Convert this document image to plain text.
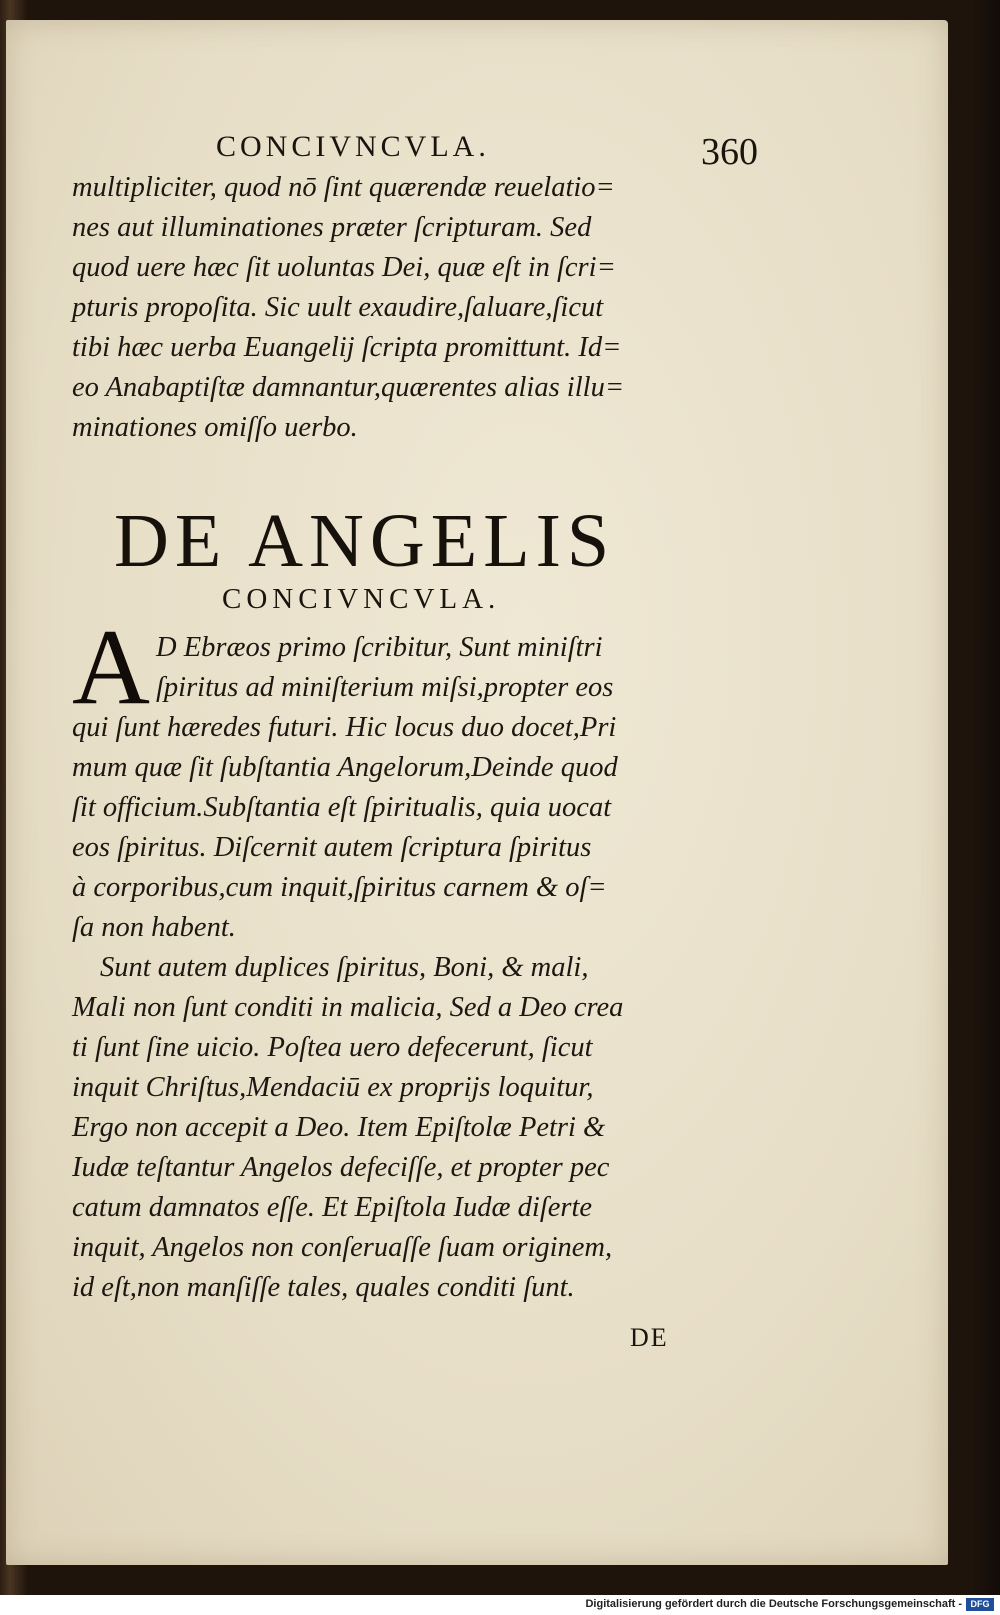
CONCIVNCVLA.	360
multipliciter, quod nō ſint quærendæ reuelatio=
nes aut illuminationes præter ſcripturam. Sed
quod uere hæc ſit uoluntas Dei, quæ eſt in ſcri=
pturis propoſita. Sic uult exaudire,ſaluare,ſicut
tibi hæc uerba Euangelij ſcripta promittunt. Id=
eo Anabaptiſtæ damnantur,quærentes alias illu=
minationes omiſſo uerbo.
DE ANGELIS
CONCIVNCVLA.
A D Ebræos primo ſcribitur, Sunt miniſtri
ſpiritus ad miniſterium miſsi,propter eos
qui ſunt hæredes futuri. Hic locus duo docet,Pri
mum quæ ſit ſubſtantia Angelorum,Deinde quod
ſit officium.Subſtantia eſt ſpiritualis, quia uocat
eos ſpiritus. Diſcernit autem ſcriptura ſpiritus
à corporibus,cum inquit,ſpiritus carnem & oſ=
ſa non habent.
Sunt autem duplices ſpiritus, Boni, & mali,
Mali non ſunt conditi in malicia, Sed a Deo crea
ti ſunt ſine uicio. Poſtea uero defecerunt, ſicut
inquit Chriſtus,Mendaciū ex proprijs loquitur,
Ergo non accepit a Deo. Item Epiſtolæ Petri &
Iudæ teſtantur Angelos defeciſſe, et propter pec
catum damnatos eſſe. Et Epiſtola Iudæ diſerte
inquit, Angelos non conſeruaſſe ſuam originem,
id eſt,non manſiſſe tales, quales conditi ſunt.
DE
Digitalisierung gefördert durch die Deutsche Forschungsgemeinschaft - DFG
